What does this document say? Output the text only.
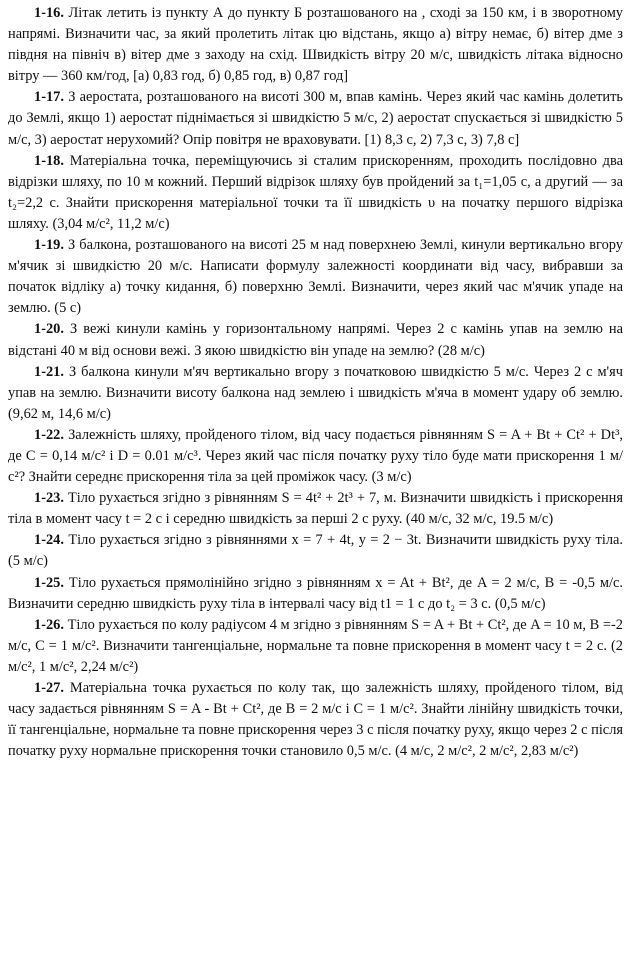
1-16. Літак летить із пункту А до пункту Б розташованого на , сході за 150 км, і в зворотному напрямі. Визначити час, за який пролетить літак цю відстань, якщо а) вітру немає, б) вітер дме з півдня на північ в) вітер дме з заходу на схід. Швидкість вітру 20 м/с, швидкість літака відносно вітру — 360 км/год, [а) 0,83 год, б) 0,85 год, в) 0,87 год]

1-17. З аеростата, розташованого на висоті 300 м, впав камінь. Через який час камінь долетить до Землі, якщо 1) аеростат піднімається зі швидкістю 5 м/с, 2) аеростат спускається зі швидкістю 5 м/с, 3) аеростат нерухомий? Опір повітря не враховувати. [1) 8,3 с, 2) 7,3 с, 3) 7,8 с]

1-18. Матеріальна точка, переміщуючись зі сталим прискоренням, проходить послідовно два відрізки шляху, по 10 м кожний. Перший відрізок шляху був пройдений за t₁=1,05 с, а другий — за t₂=2,2 с. Знайти прискорення матеріальної точки та її швидкість υ на початку першого відрізка шляху. (3,04 м/с², 11,2 м/с)

1-19. З балкона, розташованого на висоті 25 м над поверхнею Землі, кинули вертикально вгору м'ячик зі швидкістю 20 м/с. Написати формулу залежності координати від часу, вибравши за початок відліку а) точку кидання, б) поверхню Землі. Визначити, через який час м'ячик упаде на землю. (5 с)

1-20. З вежі кинули камінь у горизонтальному напрямі. Через 2 с камінь упав на землю на відстані 40 м від основи вежі. З якою швидкістю він упаде на землю? (28 м/с)

1-21. З балкона кинули м'яч вертикально вгору з початковою швидкістю 5 м/с. Через 2 с м'яч упав на землю. Визначити висоту балкона над землею і швидкість м'яча в момент удару об землю. (9,62 м, 14,6 м/с)

1-22. Залежність шляху, пройденого тілом, від часу подається рівнянням S = A + Bt + Ct² + Dt³, де C = 0,14 м/с² і D = 0.01 м/с³. Через який час після початку руху тіло буде мати прискорення 1 м/с²? Знайти середнє прискорення тіла за цей проміжок часу. (3 м/с)

1-23. Тіло рухається згідно з рівнянням S = 4t² + 2t³ + 7, м. Визначити швидкість і прискорення тіла в момент часу t = 2 с і середню швидкість за перші 2 с руху. (40 м/с, 32 м/с, 19.5 м/с)

1-24. Тіло рухається згідно з рівняннями x = 7 + 4t, y = 2 − 3t. Визначити швидкість руху тіла. (5 м/с)

1-25. Тіло рухається прямолінійно згідно з рівнянням x = At + Bt², де A = 2 м/с, B = -0,5 м/с. Визначити середню швидкість руху тіла в інтервалі часу від t1 = 1 с до t₂ = 3 с. (0,5 м/с)

1-26. Тіло рухається по колу радіусом 4 м згідно з рівнянням S = A + Bt + Ct², де A = 10 м, B =-2 м/с, C = 1 м/с². Визначити тангенціальне, нормальне та повне прискорення в момент часу t = 2 с. (2 м/с², 1 м/с², 2,24 м/с²)

1-27. Матеріальна точка рухається по колу так, що залежність шляху, пройденого тілом, від часу задається рівнянням S = A - Bt + Ct², де B = 2 м/с і C = 1 м/с². Знайти лінійну швидкість точки, її тангенціальне, нормальне та повне прискорення через 3 с після початку руху, якщо через 2 с після початку руху нормальне прискорення точки становило 0,5 м/с. (4 м/с, 2 м/с², 2 м/с², 2,83 м/с²)
